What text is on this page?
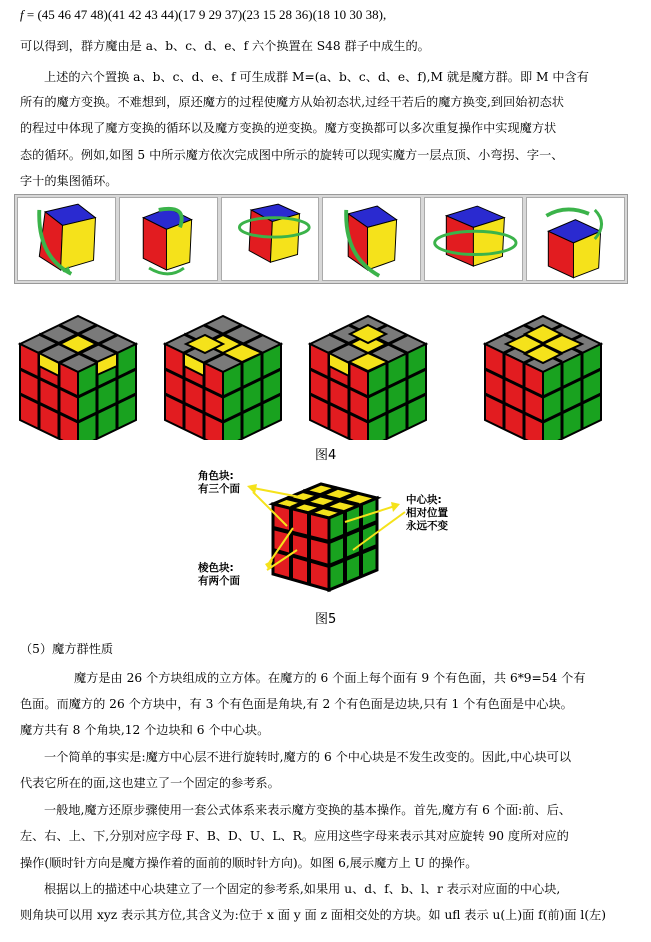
f = (45 46 47 48)(41 42 43 44)(17 9 29 37)(23 15 28 36)(18 10 30 38),
可以得到，群方魔由是 a、b、c、d、e、f 六个换置在 S48 群子中成生的。
上述的六个置换 a、b、c、d、e、f 可生成群 M=(a、b、c、d、e、f),M 就是魔方群。即 M 中含有
所有的魔方变换。不难想到，原还魔方的过程使魔方从始初态状,过经干若后的魔方换变,到回始初态状
的程过中体现了魔方变换的循环以及魔方变换的逆变换。魔方变换都可以多次重复操作中实现魔方状
态的循环。例如,如图 5 中所示魔方依次完成图中所示的旋转可以现实魔方一层点顶、小弯拐、字一、
字十的集图循环。
图4
角色块:
有三个面
棱色块:
有两个面
中心块:
相对位置
永远不变
图5
（5）魔方群性质
魔方是由 26 个方块组成的立方体。在魔方的 6 个面上每个面有 9 个有色面，共 6*9=54 个有
色面。而魔方的 26 个方块中，有 3 个有色面是角块,有 2 个有色面是边块,只有 1 个有色面是中心块。
魔方共有 8 个角块,12 个边块和 6 个中心块。
一个简单的事实是:魔方中心层不进行旋转时,魔方的 6 个中心块是不发生改变的。因此,中心块可以
代表它所在的面,这也建立了一个固定的参考系。
一般地,魔方还原步骤使用一套公式体系来表示魔方变换的基本操作。首先,魔方有 6 个面:前、后、
左、右、上、下,分别对应字母 F、B、D、U、L、R。应用这些字母来表示其对应旋转 90 度所对应的
操作(顺时针方向是魔方操作着的面前的顺时针方向)。如图 6,展示魔方上 U 的操作。
根据以上的描述中心块建立了一个固定的参考系,如果用 u、d、f、b、l、r 表示对应面的中心块,
则角块可以用 xyz 表示其方位,其含义为:位于 x 面 y 面 z 面相交处的方块。如 ufl 表示 u(上)面 f(前)面 l(左)
